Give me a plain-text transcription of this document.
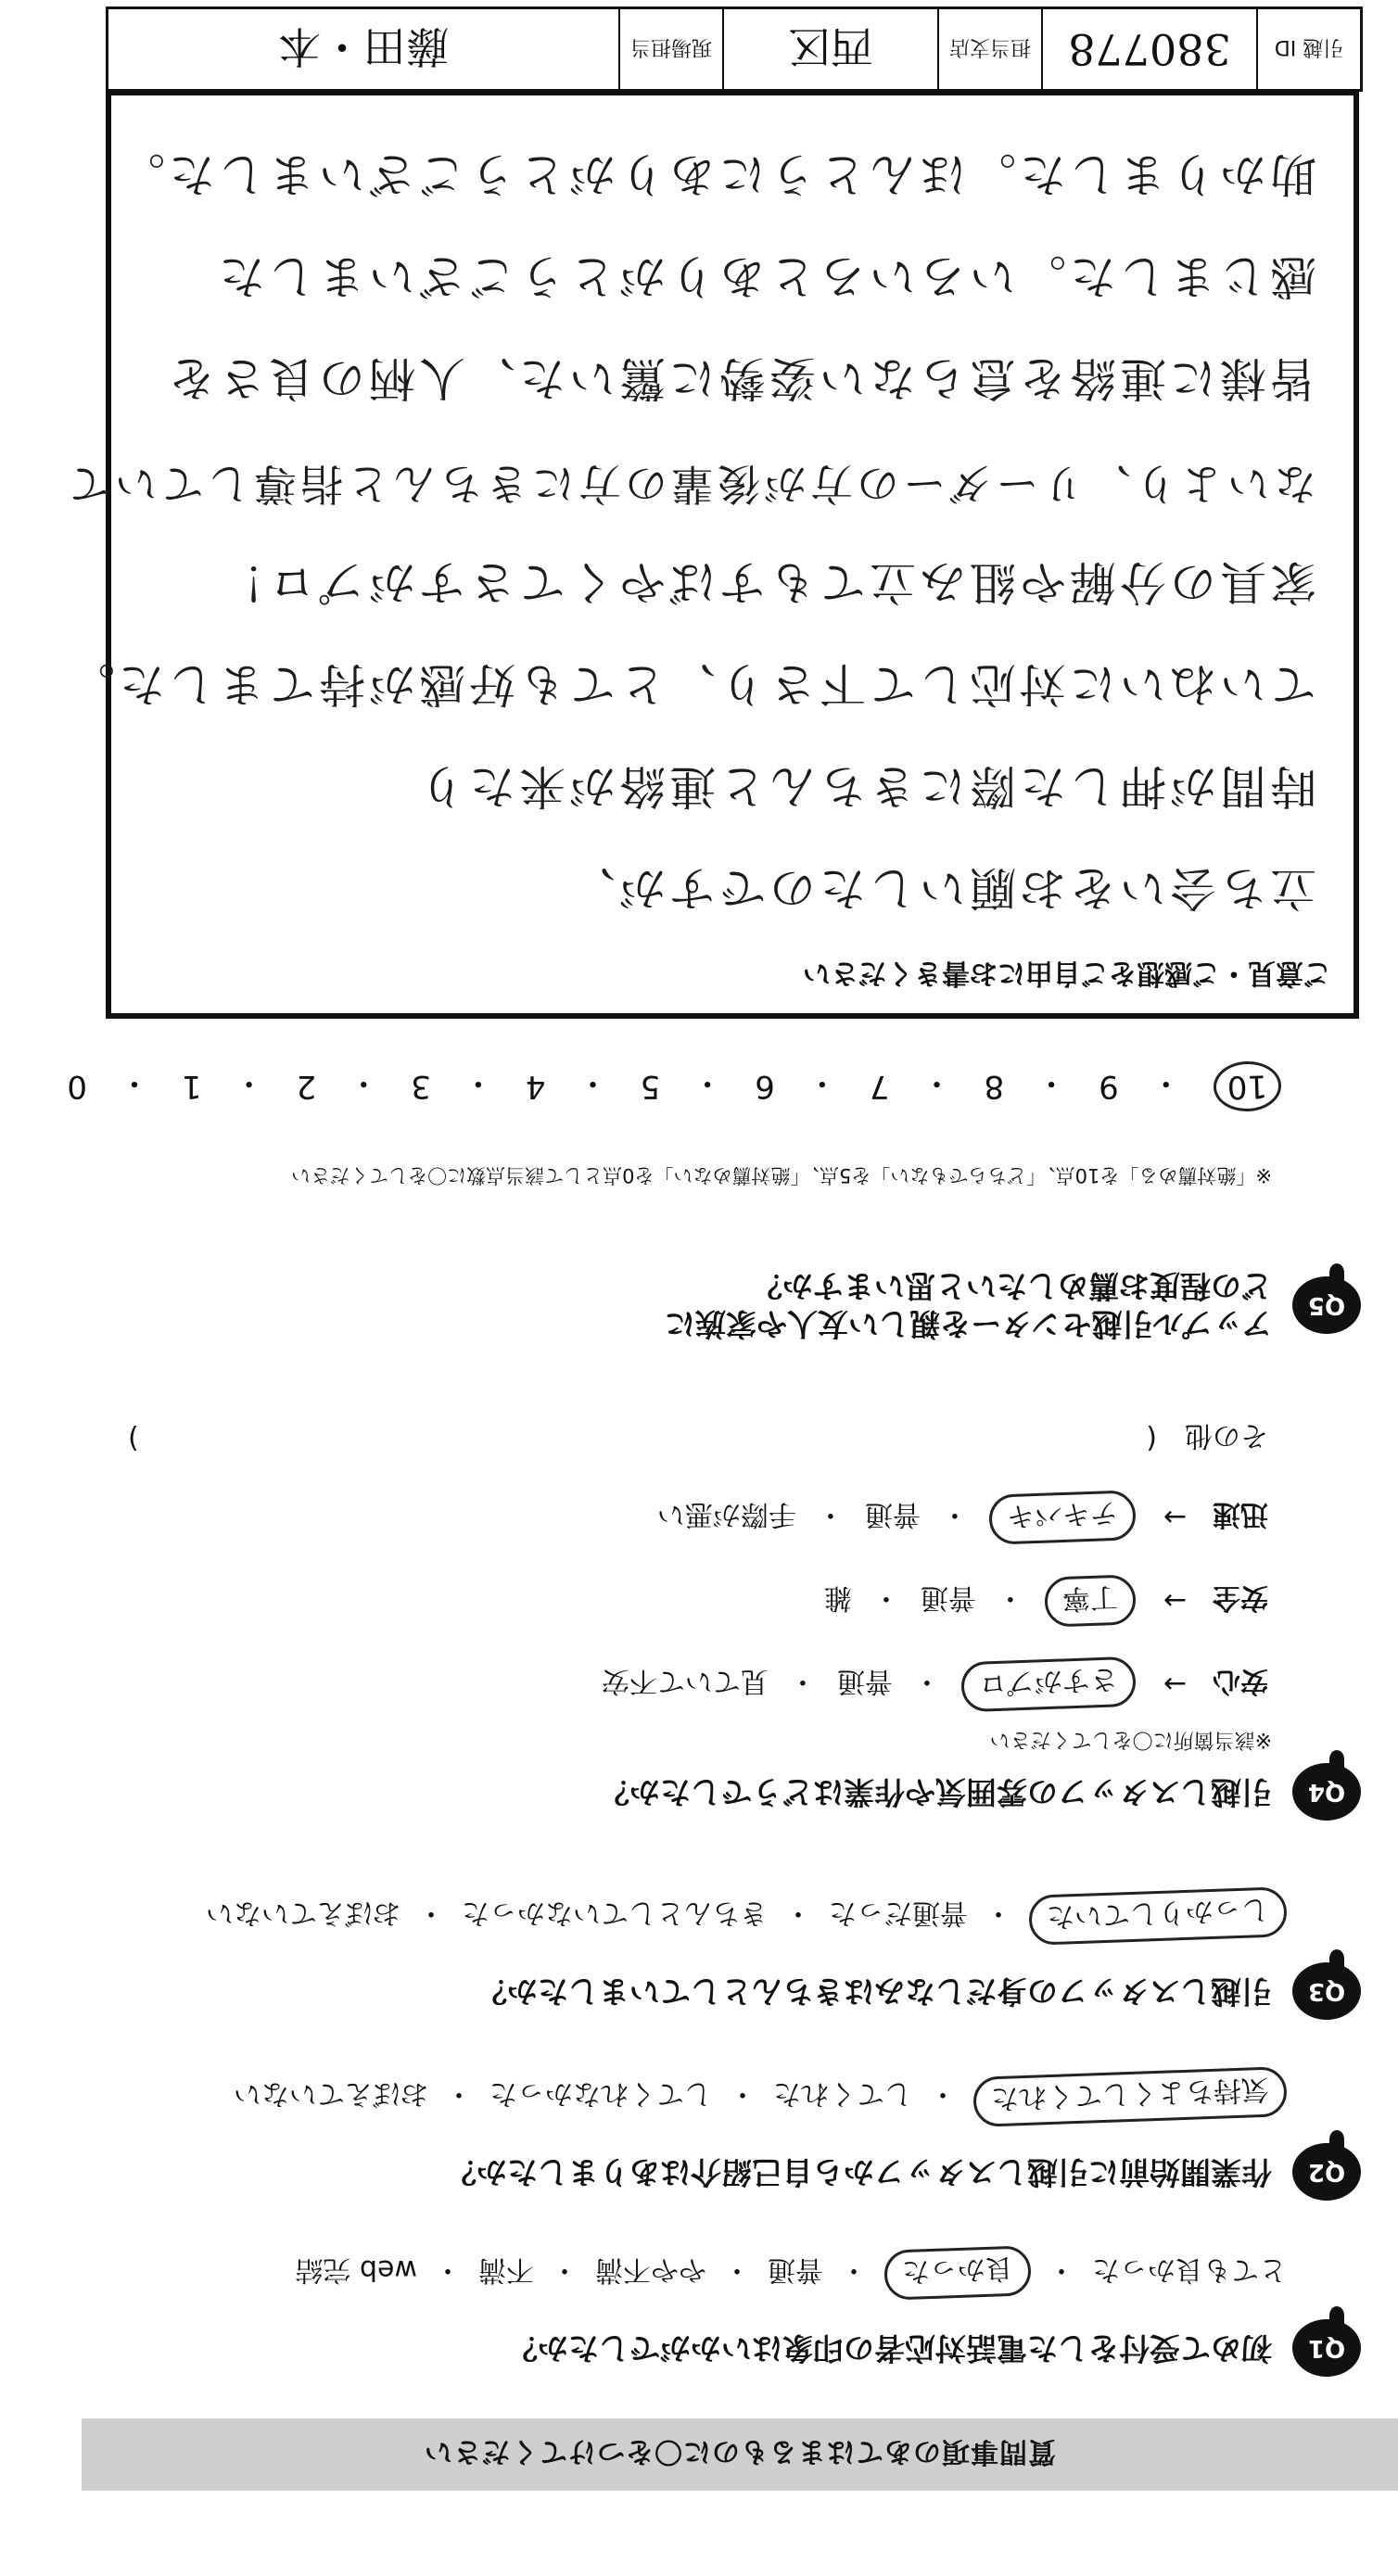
質問事項のあてはまるものに〇をつけてください
Q1
初めて受付をした電話対応者の印象はいかがでしたか？
とても良かった
・
良かった
・
普通
・
やや不満
・
不満
・
web 完結
Q2
作業開始前に引越しスタッフから自己紹介はありましたか？
気持ちよくしてくれた
・
してくれた
・
してくれなかった
・
おぼえていない
Q3
引越しスタッフの身だしなみはきちんとしていましたか？
しっかりしていた
・
普通だった
・
きちんとしていなかった
・
おぼえていない
Q4
引越しスタッフの雰囲気や作業はどうでしたか？
※該当箇所に〇をしてください
安心
→
さすがプロ
・
普通
・
見ていて不安
安全
→
丁寧
・
普通
・
雑
迅速
→
テキパキ
・
普通
・
手際が悪い
その他
(
)
Q5
アップル引越センターを親しい友人や家族に
どの程度お薦めしたいと思いますか？
※「絶対薦める」を10点、「どちらでもない」を5点、「絶対薦めない」を0点として該当点数に〇をしてください
10
・
9
・
8
・
7
・
6
・
5
・
4
・
3
・
2
・
1
・
0
ご意見・ご感想をご自由にお書きください
立ち会いをお願いしたのですが、
時間が押した際にきちんと連絡が来たり
ていねいに対応して下さり、とても好感が持てました。
家具の分解や組み立てもすばやくてさすがプロ！
ないより、リーダーの方が後輩の方にきちんと指導していて
皆様に連絡を怠らない姿勢に驚いた、人柄の良さを
感じました。いろいろとありがとうございました
助かりました。ほんとうにありがとうございました。
引越 ID
380778
担当支店
西区
現場担当
藤田・本
